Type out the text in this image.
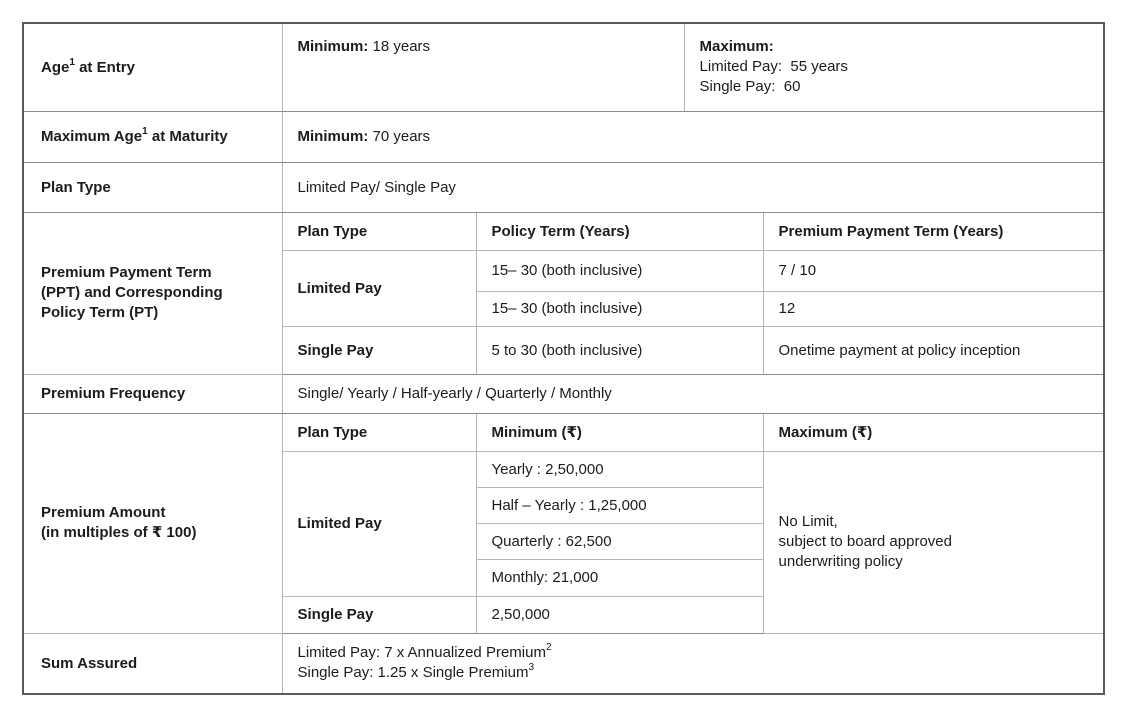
Age$^1$ at Entry	Minimum: 18 years		Maximum:
Limited Pay:  55 years
Single Pay:  60	

Maximum Age$^1$ at Maturity	Minimum: 70 years			
Plan Type	Limited Pay/ Single Pay			

Premium Payment Term
(PPT) and Corresponding
Policy Term (PT)	Plan Type	Policy Term (Years)		Premium Payment Term (Years)
	Limited Pay	15– 30 (both inclusive)		7 / 10
		15– 30 (both inclusive)		12
	Single Pay	5 to 30 (both inclusive)		Onetime payment at policy inception
Premium Frequency	Single/ Yearly / Half-yearly / Quarterly / Monthly			

Premium Amount
(in multiples of ₹ 100)	Plan Type	Minimum (₹)		Maximum (₹)
	Limited Pay	Yearly : 2,50,000		No Limit,
subject to board approved
underwriting policy

		Half – Yearly : 1,25,000		
		Quarterly : 62,500		
		Monthly: 21,000		
	Single Pay	2,50,000		
Sum Assured	Limited Pay: 7 x Annualized Premium$^2$
Single Pay: 1.25 x Single Premium$^3$
